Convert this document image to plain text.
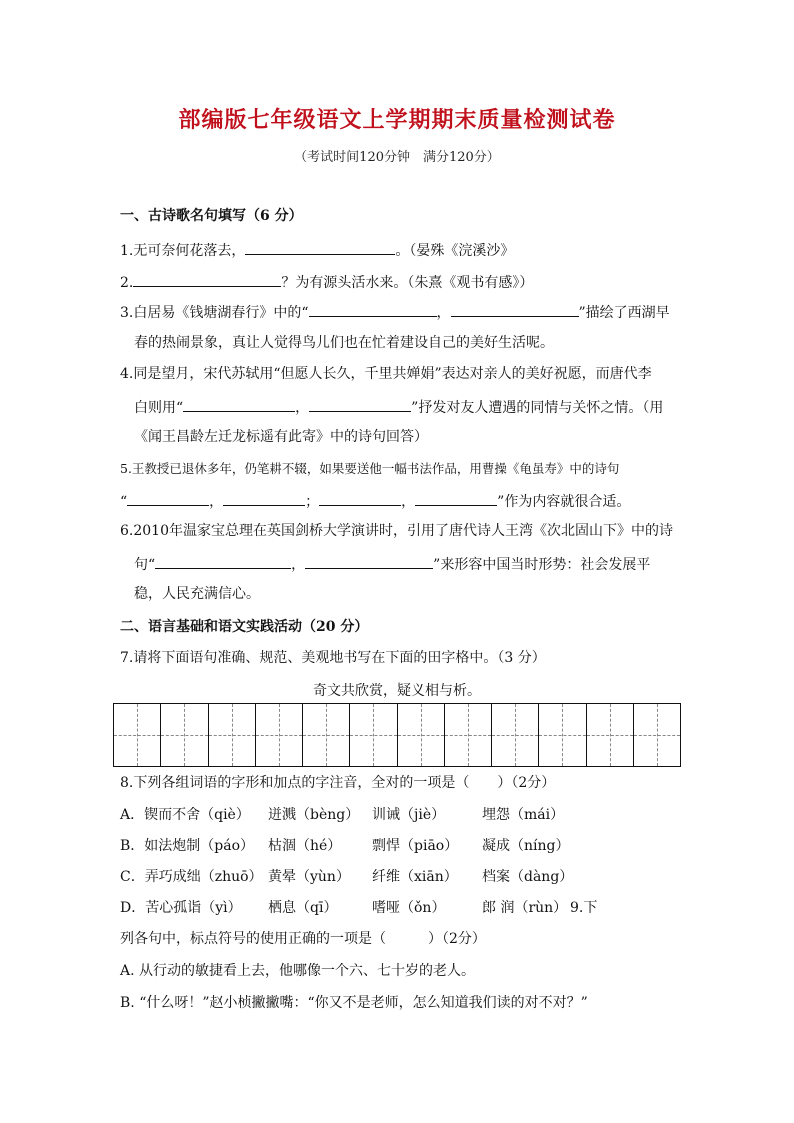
部编版七年级语文上学期期末质量检测试卷
（考试时间120分钟　满分120分）
一、古诗歌名句填写（6 分）
1.无可奈何花落去，	。（晏殊《浣溪沙》
2.	？为有源头活水来。（朱熹《观书有感》）
3.白居易《钱塘湖春行》中的“	，	”描绘了西湖早
春的热闹景象，真让人觉得鸟儿们也在忙着建设自己的美好生活呢。
4.同是望月，宋代苏轼用“但愿人长久，千里共婵娟”表达对亲人的美好祝愿，而唐代李
白则用“	，	”抒发对友人遭遇的同情与关怀之情。（用
《闻王昌龄左迁龙标遥有此寄》中的诗句回答）
5.王教授已退休多年，仍笔耕不辍，如果要送他一幅书法作品，用曹操《龟虽寿》中的诗句
“	，	；	，	”作为内容就很合适。
6.2010年温家宝总理在英国剑桥大学演讲时，引用了唐代诗人王湾《次北固山下》中的诗
句“	，	”来形容中国当时形势：社会发展平
稳，人民充满信心。
二、语言基础和语文实践活动（20 分）
7.请将下面语句准确、规范、美观地书写在下面的田字格中。（3 分）
奇文共欣赏，疑义相与析。
8.下列各组词语的字形和加点的字注音，全对的一项是（　　）（2分）
A．锲而不舍（qiè） 迸溅（bèng） 训诫（jiè）	埋怨（mái）
B．如法炮制（páo） 枯涸（hé） 剽悍（piāo） 凝成（níng）
C．弄巧成绌（zhuō） 黄晕（yùn） 纤维（xiān） 档案（dàng）
D．苦心孤诣（yì） 栖息（qī） 嗜哑（ǒn）	郎 润（rùn） 9.下
列各句中，标点符号的使用正确的一项是（　　　）（2分）
A. 从行动的敏捷看上去，他哪像一个六、七十岁的老人。
B. “什么呀！”赵小桢撇撇嘴：“你又不是老师，怎么知道我们读的对不对？”
